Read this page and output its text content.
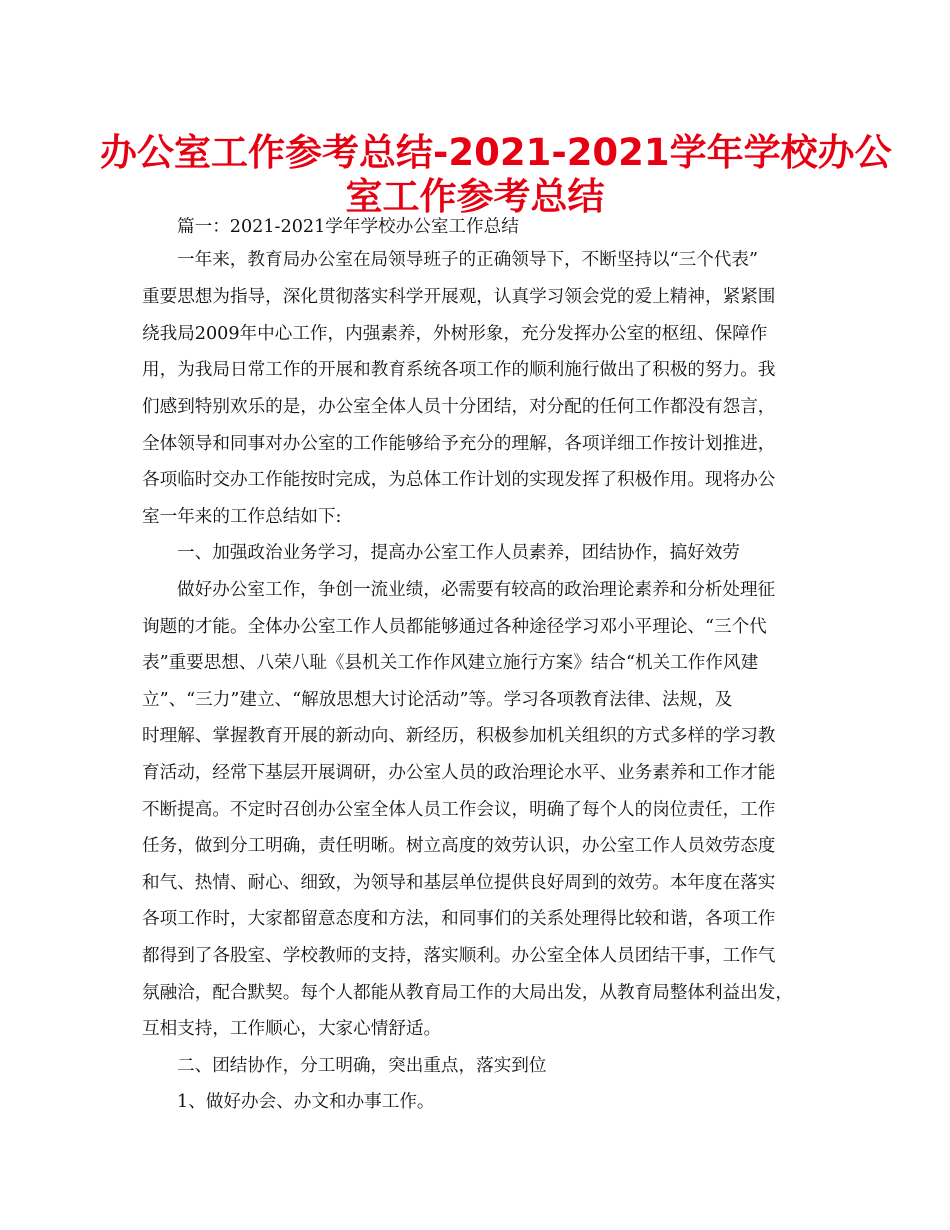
办公室工作参考总结-2021-2021学年学校办公
室工作参考总结

篇一：2021-2021学年学校办公室工作总结

一年来，教育局办公室在局领导班子的正确领导下，不断坚持以“三个代表”

重要思想为指导，深化贯彻落实科学开展观，认真学习领会党的爱上精神，紧紧围

绕我局2009年中心工作，内强素养，外树形象，充分发挥办公室的枢纽、保障作

用，为我局日常工作的开展和教育系统各项工作的顺利施行做出了积极的努力。我

们感到特别欢乐的是，办公室全体人员十分团结，对分配的任何工作都没有怨言，

全体领导和同事对办公室的工作能够给予充分的理解，各项详细工作按计划推进，

各项临时交办工作能按时完成，为总体工作计划的实现发挥了积极作用。现将办公

室一年来的工作总结如下:

一、加强政治业务学习，提高办公室工作人员素养，团结协作，搞好效劳

做好办公室工作，争创一流业绩，必需要有较高的政治理论素养和分析处理征

询题的才能。全体办公室工作人员都能够通过各种途径学习邓小平理论、“三个代

表”重要思想、八荣八耻《县机关工作作风建立施行方案》结合“机关工作作风建

立”、“三力”建立、“解放思想大讨论活动”等。学习各项教育法律、法规，及

时理解、掌握教育开展的新动向、新经历，积极参加机关组织的方式多样的学习教

育活动，经常下基层开展调研，办公室人员的政治理论水平、业务素养和工作才能

不断提高。不定时召创办公室全体人员工作会议，明确了每个人的岗位责任，工作

任务，做到分工明确，责任明晰。树立高度的效劳认识，办公室工作人员效劳态度

和气、热情、耐心、细致，为领导和基层单位提供良好周到的效劳。本年度在落实

各项工作时，大家都留意态度和方法，和同事们的关系处理得比较和谐，各项工作

都得到了各股室、学校教师的支持，落实顺利。办公室全体人员团结干事，工作气

氛融洽，配合默契。每个人都能从教育局工作的大局出发，从教育局整体利益出发，

互相支持，工作顺心，大家心情舒适。

二、团结协作，分工明确，突出重点，落实到位

1、做好办会、办文和办事工作。
